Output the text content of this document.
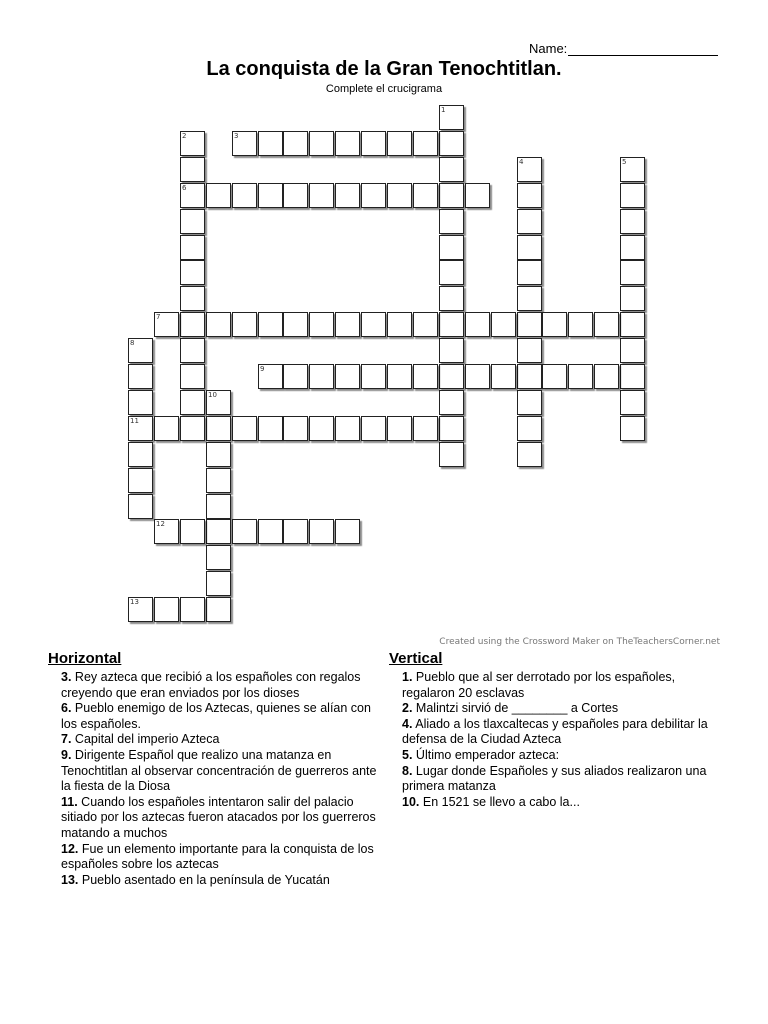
Name:
La conquista de la Gran Tenochtitlan.
Complete el crucigrama
1
2
6
3
4	5
7
8
11
9
10
12
13
Created using the Crossword Maker on TheTeachersCorner.net
Horizontal
3. Rey azteca que recibió a los españoles con regalos creyendo que eran enviados por los dioses
6. Pueblo enemigo de los Aztecas, quienes se alían con los españoles.
7. Capital del imperio Azteca
9. Dirigente Español que realizo una matanza en Tenochtitlan al observar concentración de guerreros ante la fiesta de la Diosa
11. Cuando los españoles intentaron salir del palacio sitiado por los aztecas fueron atacados por los guerreros matando a muchos
12. Fue un elemento importante para la conquista de los españoles sobre los aztecas
13. Pueblo asentado en la península de Yucatán
Vertical
1. Pueblo que al ser derrotado por los españoles, regalaron 20 esclavas
2. Malintzi sirvió de ________ a Cortes
4. Aliado a los tlaxcaltecas y españoles para debilitar la defensa de la Ciudad Azteca
5. Último emperador azteca:
8. Lugar donde Españoles y sus aliados realizaron una primera matanza
10. En 1521 se llevo a cabo la...
